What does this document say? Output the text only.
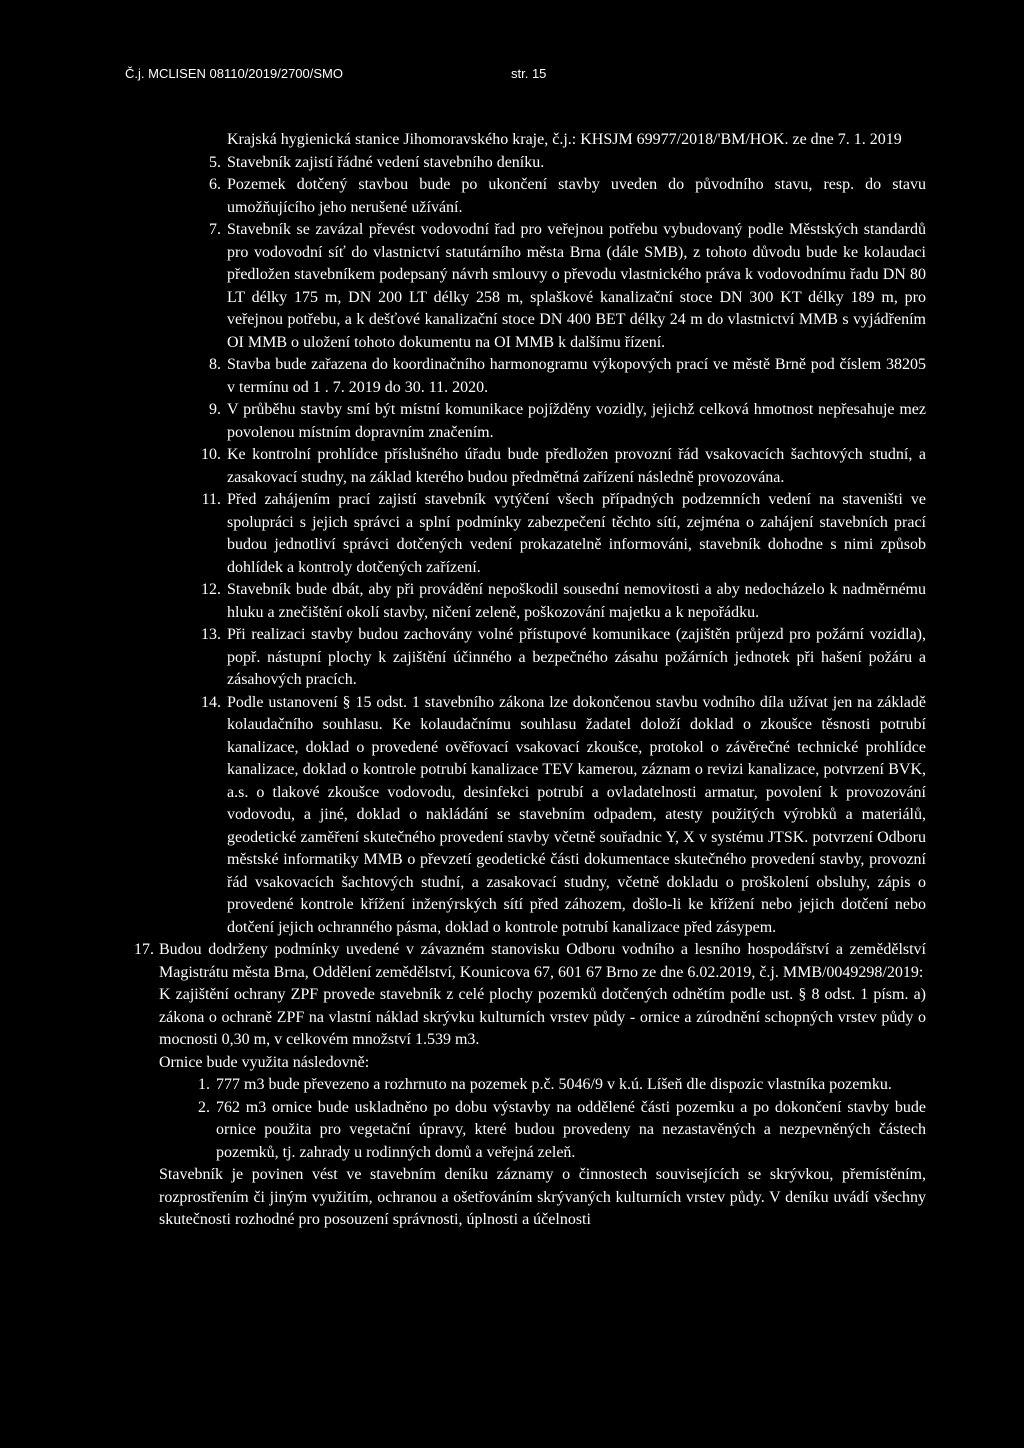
Č.j. MCLISEN 08110/2019/2700/SMO	str. 15

Krajská hygienická stanice Jihomoravského kraje, č.j.: KHSJM 69977/2018/'BM/HOK. ze dne 7. 1. 2019

5. Stavebník zajistí řádné vedení stavebního deníku.

6. Pozemek dotčený stavbou bude po ukončení stavby uveden do původního stavu, resp. do stavu umožňujícího jeho nerušené užívání.

7. Stavebník se zavázal převést vodovodní řad pro veřejnou potřebu vybudovaný podle Městských standardů pro vodovodní síť do vlastnictví statutárního města Brna (dále SMB), z tohoto důvodu bude ke kolaudaci předložen stavebníkem podepsaný návrh smlouvy o převodu vlastnického práva k vodovodnímu řadu DN 80 LT délky 175 m, DN 200 LT délky 258 m, splaškové kanalizační stoce DN 300 KT délky 189 m, pro veřejnou potřebu, a k dešťové kanalizační stoce DN 400 BET délky 24 m do vlastnictví MMB s vyjádřením OI MMB o uložení tohoto dokumentu na OI MMB k dalšímu řízení.

8. Stavba bude zařazena do koordinačního harmonogramu výkopových prací ve městě Brně pod číslem 38205 v termínu od 1 . 7. 2019 do 30. 11. 2020.

9. V průběhu stavby smí být místní komunikace pojížděny vozidly, jejichž celková hmotnost nepřesahuje mez povolenou místním dopravním značením.

10. Ke kontrolní prohlídce příslušného úřadu bude předložen provozní řád vsakovacích šachtových studní, a zasakovací studny, na základ kterého budou předmětná zařízení následně provozována.

11. Před zahájením prací zajistí stavebník vytýčení všech případných podzemních vedení na staveništi ve spolupráci s jejich správci a splní podmínky zabezpečení těchto sítí, zejména o zahájení stavebních prací budou jednotliví správci dotčených vedení prokazatelně informováni, stavebník dohodne s nimi způsob dohlídek a kontroly dotčených zařízení.

12. Stavebník bude dbát, aby při provádění nepoškodil sousední nemovitosti a aby nedocházelo k nadměrnému hluku a znečištění okolí stavby, ničení zeleně, poškozování majetku a k nepořádku.

13. Při realizaci stavby budou zachovány volné přístupové komunikace (zajištěn průjezd pro požární vozidla), popř. nástupní plochy k zajištění účinného a bezpečného zásahu požárních jednotek při hašení požáru a zásahových pracích.

14. Podle ustanovení § 15 odst. 1 stavebního zákona lze dokončenou stavbu vodního díla užívat jen na základě kolaudačního souhlasu. Ke kolaudačnímu souhlasu žadatel doloží doklad o zkoušce těsnosti potrubí kanalizace, doklad o provedené ověřovací vsakovací zkoušce, protokol o závěrečné technické prohlídce kanalizace, doklad o kontrole potrubí kanalizace TEV kamerou, záznam o revizi kanalizace, potvrzení BVK, a.s. o tlakové zkoušce vodovodu, desinfekci potrubí a ovladatelnosti armatur, povolení k provozování vodovodu, a jiné, doklad o nakládání se stavebním odpadem, atesty použitých výrobků a materiálů, geodetické zaměření skutečného provedení stavby včetně souřadnic Y, X v systému JTSK. potvrzení Odboru městské informatiky MMB o převzetí geodetické části dokumentace skutečného provedení stavby, provozní řád vsakovacích šachtových studní, a zasakovací studny, včetně dokladu o proškolení obsluhy, zápis o provedené kontrole křížení inženýrských sítí před záhozem, došlo-li ke křížení nebo jejich dotčení nebo dotčení jejich ochranného pásma, doklad o kontrole potrubí kanalizace před zásypem.

17. Budou dodrženy podmínky uvedené v závazném stanovisku Odboru vodního a lesního hospodářství a zemědělství Magistrátu města Brna, Oddělení zemědělství, Kounicova 67, 601 67 Brno ze dne 6.02.2019, č.j. MMB/0049298/2019:

K zajištění ochrany ZPF provede stavebník z celé plochy pozemků dotčených odnětím podle ust. § 8 odst. 1 písm. a) zákona o ochraně ZPF na vlastní náklad skrývku kulturních vrstev půdy - ornice a zúrodnění schopných vrstev půdy o mocnosti 0,30 m, v celkovém množství 1.539 m3.

Ornice bude využita následovně:

1. 777 m3 bude převezeno a rozhrnuto na pozemek p.č. 5046/9 v k.ú. Líšeň dle dispozic vlastníka pozemku.

2. 762 m3 ornice bude uskladněno po dobu výstavby na oddělené části pozemku a po dokončení stavby bude ornice použita pro vegetační úpravy, které budou provedeny na nezastavěných a nezpevněných částech pozemků, tj. zahrady u rodinných domů a veřejná zeleň.

Stavebník je povinen vést ve stavebním deníku záznamy o činnostech souvisejících se skrývkou, přemístěním, rozprostřením či jiným využitím, ochranou a ošetřováním skrývaných kulturních vrstev půdy. V deníku uvádí všechny skutečnosti rozhodné pro posouzení správnosti, úplnosti a účelnosti
